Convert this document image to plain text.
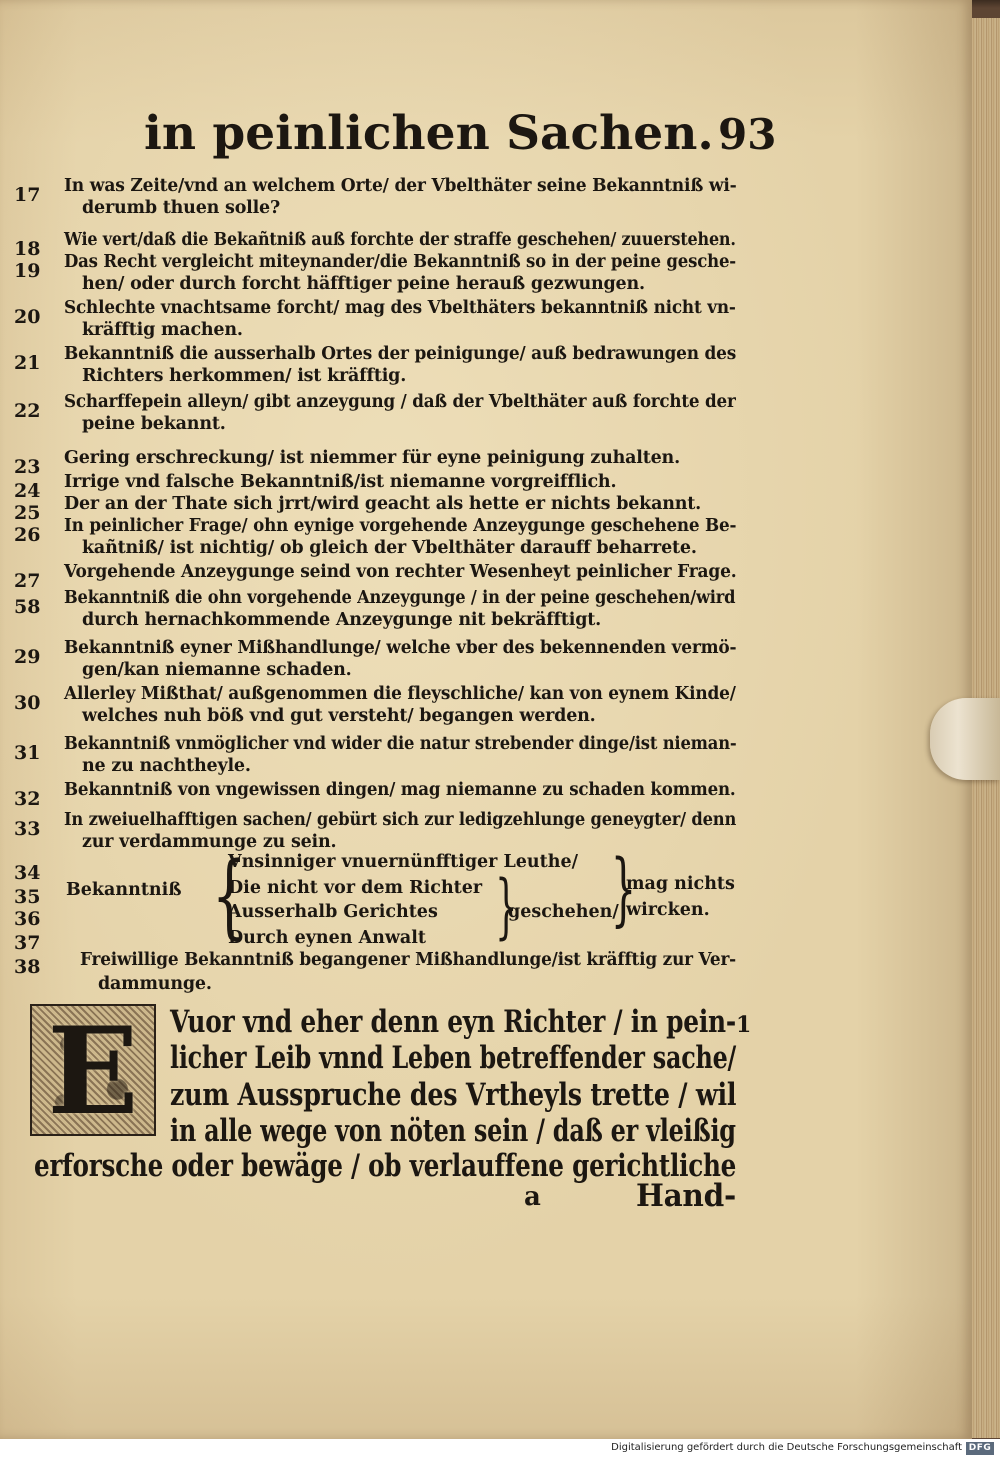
in peinlichen Sachen. 93
17	In was Zeite/vnd an welchem Orte/ der Vbelthäter seine Bekanntniß wi-
derumb thuen solle?
18	Wie vert/daß die Bekañtniß auß forchte der straffe geschehen/ zuuerstehen.
19	Das Recht vergleicht miteynander/die Bekanntniß so in der peine gesche-
hen/ oder durch forcht häfftiger peine herauß gezwungen.
20	Schlechte vnachtsame forcht/ mag des Vbelthäters bekanntniß nicht vn-
kräfftig machen.
21	Bekanntniß die ausserhalb Ortes der peinigunge/ auß bedrawungen des
Richters herkommen/ ist kräfftig.
22	Scharffepein alleyn/ gibt anzeygung / daß der Vbelthäter auß forchte der
peine bekannt.
23	Gering erschreckung/ ist niemmer für eyne peinigung zuhalten.
24	Irrige vnd falsche Bekanntniß/ist niemanne vorgreifflich.
25	Der an der Thate sich jrrt/wird geacht als hette er nichts bekannt.
26	In peinlicher Frage/ ohn eynige vorgehende Anzeygunge geschehene Be-
kañtniß/ ist nichtig/ ob gleich der Vbelthäter darauff beharrete.
27	Vorgehende Anzeygunge seind von rechter Wesenheyt peinlicher Frage.
58	Bekanntniß die ohn vorgehende Anzeygunge / in der peine geschehen/wird
durch hernachkommende Anzeygunge nit bekräfftigt.
29	Bekanntniß eyner Mißhandlunge/ welche vber des bekennenden vermö-
gen/kan niemanne schaden.
30	Allerley Mißthat/ außgenommen die fleyschliche/ kan von eynem Kinde/
welches nuh böß vnd gut versteht/ begangen werden.
31	Bekanntniß vnmöglicher vnd wider die natur strebender dinge/ist nieman-
ne zu nachtheyle.
32	Bekanntniß von vngewissen dingen/ mag niemanne zu schaden kommen.
33	In zweiuelhafftigen sachen/ gebürt sich zur ledigzehlunge geneygter/ denn
zur verdammunge zu sein.
34
35
36
37
Bekanntniß {
Vnsinniger vnuernünfftiger Leuthe/
Die nicht vor dem Richter
Ausserhalb Gerichtes
Durch eynen Anwalt }
geschehen/
}
mag nichts
wircken.
38	Freiwillige Bekanntniß begangener Mißhandlunge/ist kräfftig zur Ver-
dammunge.
E	Vuor vnd eher denn eyn Richter / in pein- 1
licher Leib vnnd Leben betreffender sache/
zum Ausspruche des Vrtheyls trette / wil
in alle wege von nöten sein / daß er vleißig
erforsche oder bewäge / ob verlauffene gerichtliche
a	Hand-
Digitalisierung gefördert durch die Deutsche Forschungsgemeinschaft DFG
